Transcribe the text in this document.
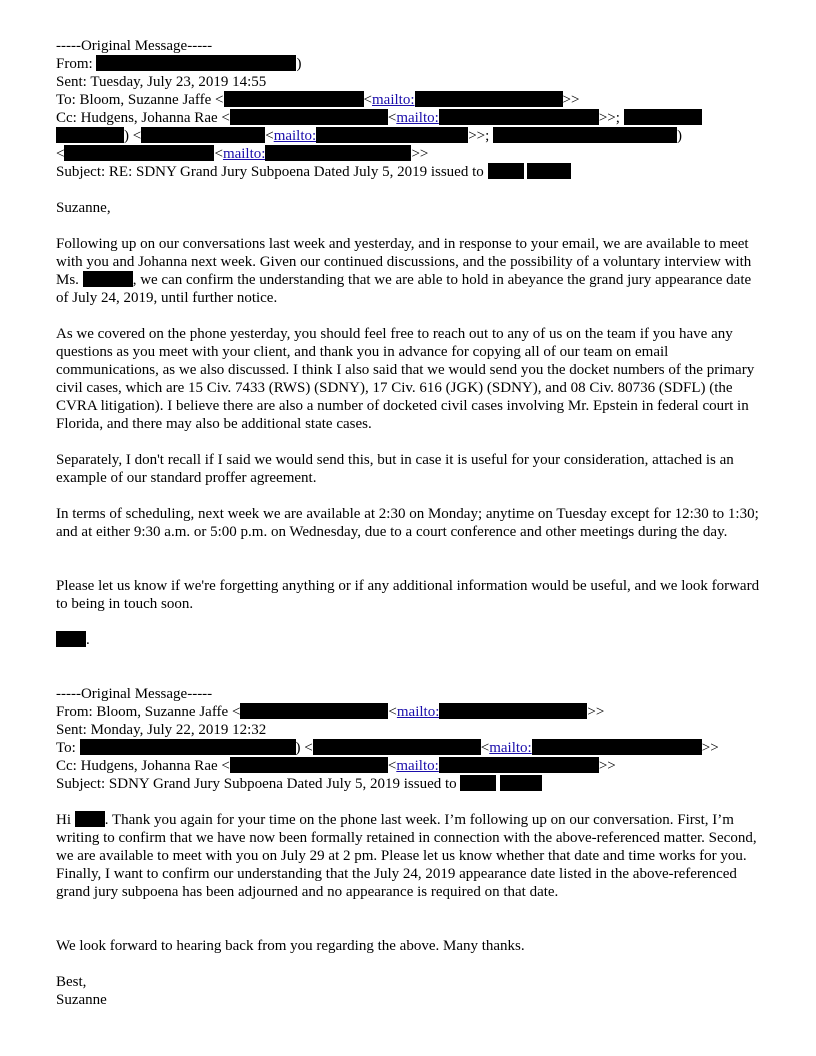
-----Original Message-----
From:	)
Sent: Tuesday, July 23, 2019 14:55
To: Bloom, Suzanne Jaffe <	<mailto:	>>
Cc: Hudgens, Johanna Rae <	<mailto:	>>;
) <	<mailto:	>>;	)
<	<mailto:	>>
Subject: RE: SDNY Grand Jury Subpoena Dated July 5, 2019 issued to
Suzanne,

Following up on our conversations last week and yesterday, and in response to your email, we are available to meet with you and Johanna next week. Given our continued discussions, and the possibility of a voluntary interview with Ms.	, we can confirm the understanding that we are able to hold in abeyance the grand jury appearance date of July 24, 2019, until further notice.

As we covered on the phone yesterday, you should feel free to reach out to any of us on the team if you have any questions as you meet with your client, and thank you in advance for copying all of our team on email communications, as we also discussed. I think I also said that we would send you the docket numbers of the primary civil cases, which are 15 Civ. 7433 (RWS) (SDNY), 17 Civ. 616 (JGK) (SDNY), and 08 Civ. 80736 (SDFL) (the CVRA litigation). I believe there are also a number of docketed civil cases involving Mr. Epstein in federal court in Florida, and there may also be additional state cases.

Separately, I don't recall if I said we would send this, but in case it is useful for your consideration, attached is an example of our standard proffer agreement.

In terms of scheduling, next week we are available at 2:30 on Monday; anytime on Tuesday except for 12:30 to 1:30; and at either 9:30 a.m. or 5:00 p.m. on Wednesday, due to a court conference and other meetings during the day.

Please let us know if we're forgetting anything or if any additional information would be useful, and we look forward to being in touch soon.

.
-----Original Message-----
From: Bloom, Suzanne Jaffe <	<mailto:	>>
Sent: Monday, July 22, 2019 12:32
To:	) <	<mailto:	>>
Cc: Hudgens, Johanna Rae <	<mailto:	>>
Subject: SDNY Grand Jury Subpoena Dated July 5, 2019 issued to

Hi . Thank you again for your time on the phone last week. I’m following up on our conversation. First, I’m writing to confirm that we have now been formally retained in connection with the above-referenced matter. Second, we are available to meet with you on July 29 at 2 pm. Please let us know whether that date and time works for you. Finally, I want to confirm our understanding that the July 24, 2019 appearance date listed in the above-referenced grand jury subpoena has been adjourned and no appearance is required on that date.

We look forward to hearing back from you regarding the above. Many thanks.

Best,
Suzanne
